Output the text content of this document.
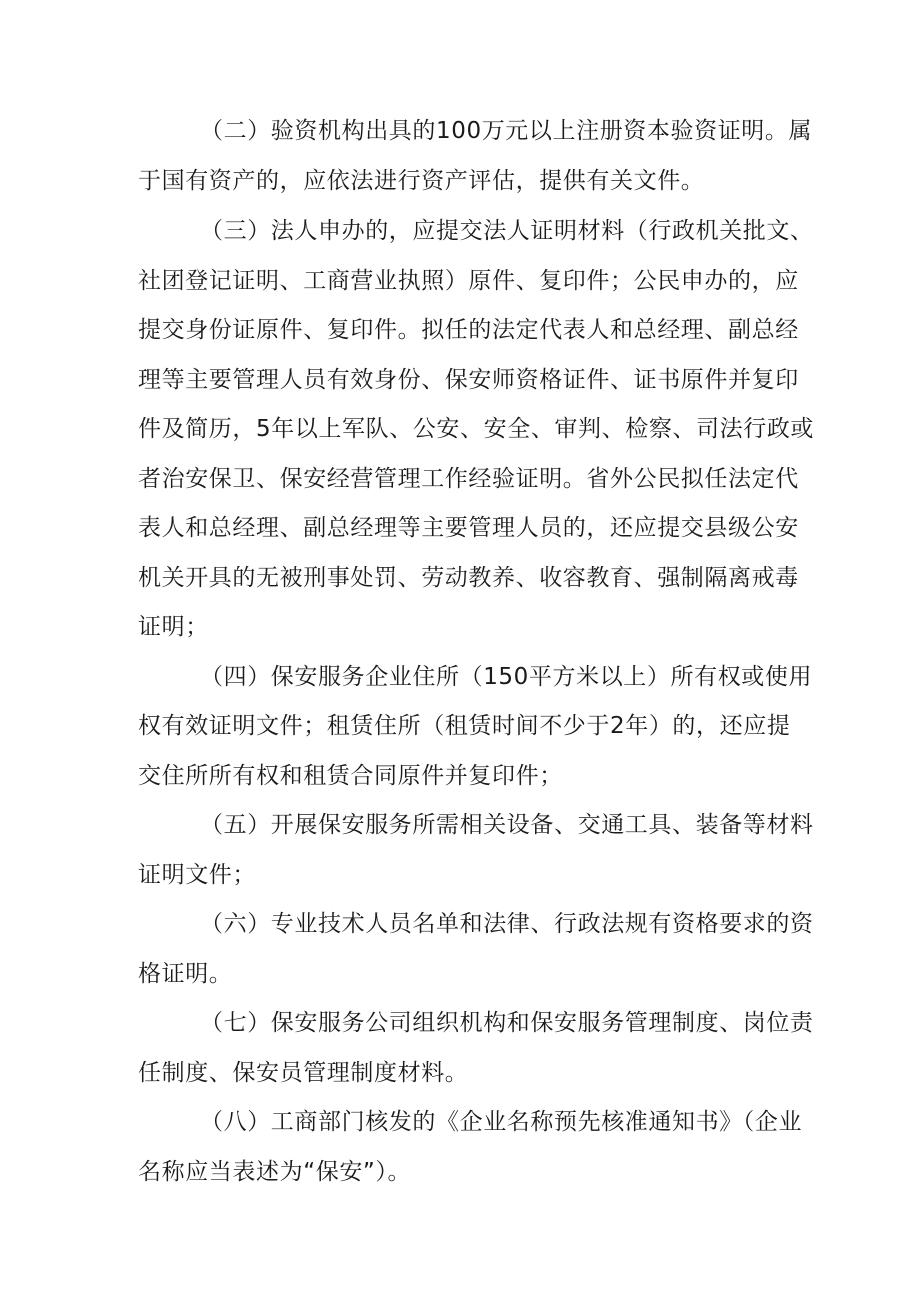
（二）验资机构出具的100万元以上注册资本验资证明。属
于国有资产的，应依法进行资产评估，提供有关文件。
（三）法人申办的，应提交法人证明材料（行政机关批文、
社团登记证明、工商营业执照）原件、复印件；公民申办的，应
提交身份证原件、复印件。拟任的法定代表人和总经理、副总经
理等主要管理人员有效身份、保安师资格证件、证书原件并复印
件及简历，5年以上军队、公安、安全、审判、检察、司法行政或
者治安保卫、保安经营管理工作经验证明。省外公民拟任法定代
表人和总经理、副总经理等主要管理人员的，还应提交县级公安
机关开具的无被刑事处罚、劳动教养、收容教育、强制隔离戒毒
证明；
（四）保安服务企业住所（150平方米以上）所有权或使用
权有效证明文件；租赁住所（租赁时间不少于2年）的，还应提
交住所所有权和租赁合同原件并复印件；
（五）开展保安服务所需相关设备、交通工具、装备等材料
证明文件；
（六）专业技术人员名单和法律、行政法规有资格要求的资
格证明。
（七）保安服务公司组织机构和保安服务管理制度、岗位责
任制度、保安员管理制度材料。
（八）工商部门核发的《企业名称预先核准通知书》（企业
名称应当表述为“保安”）。
